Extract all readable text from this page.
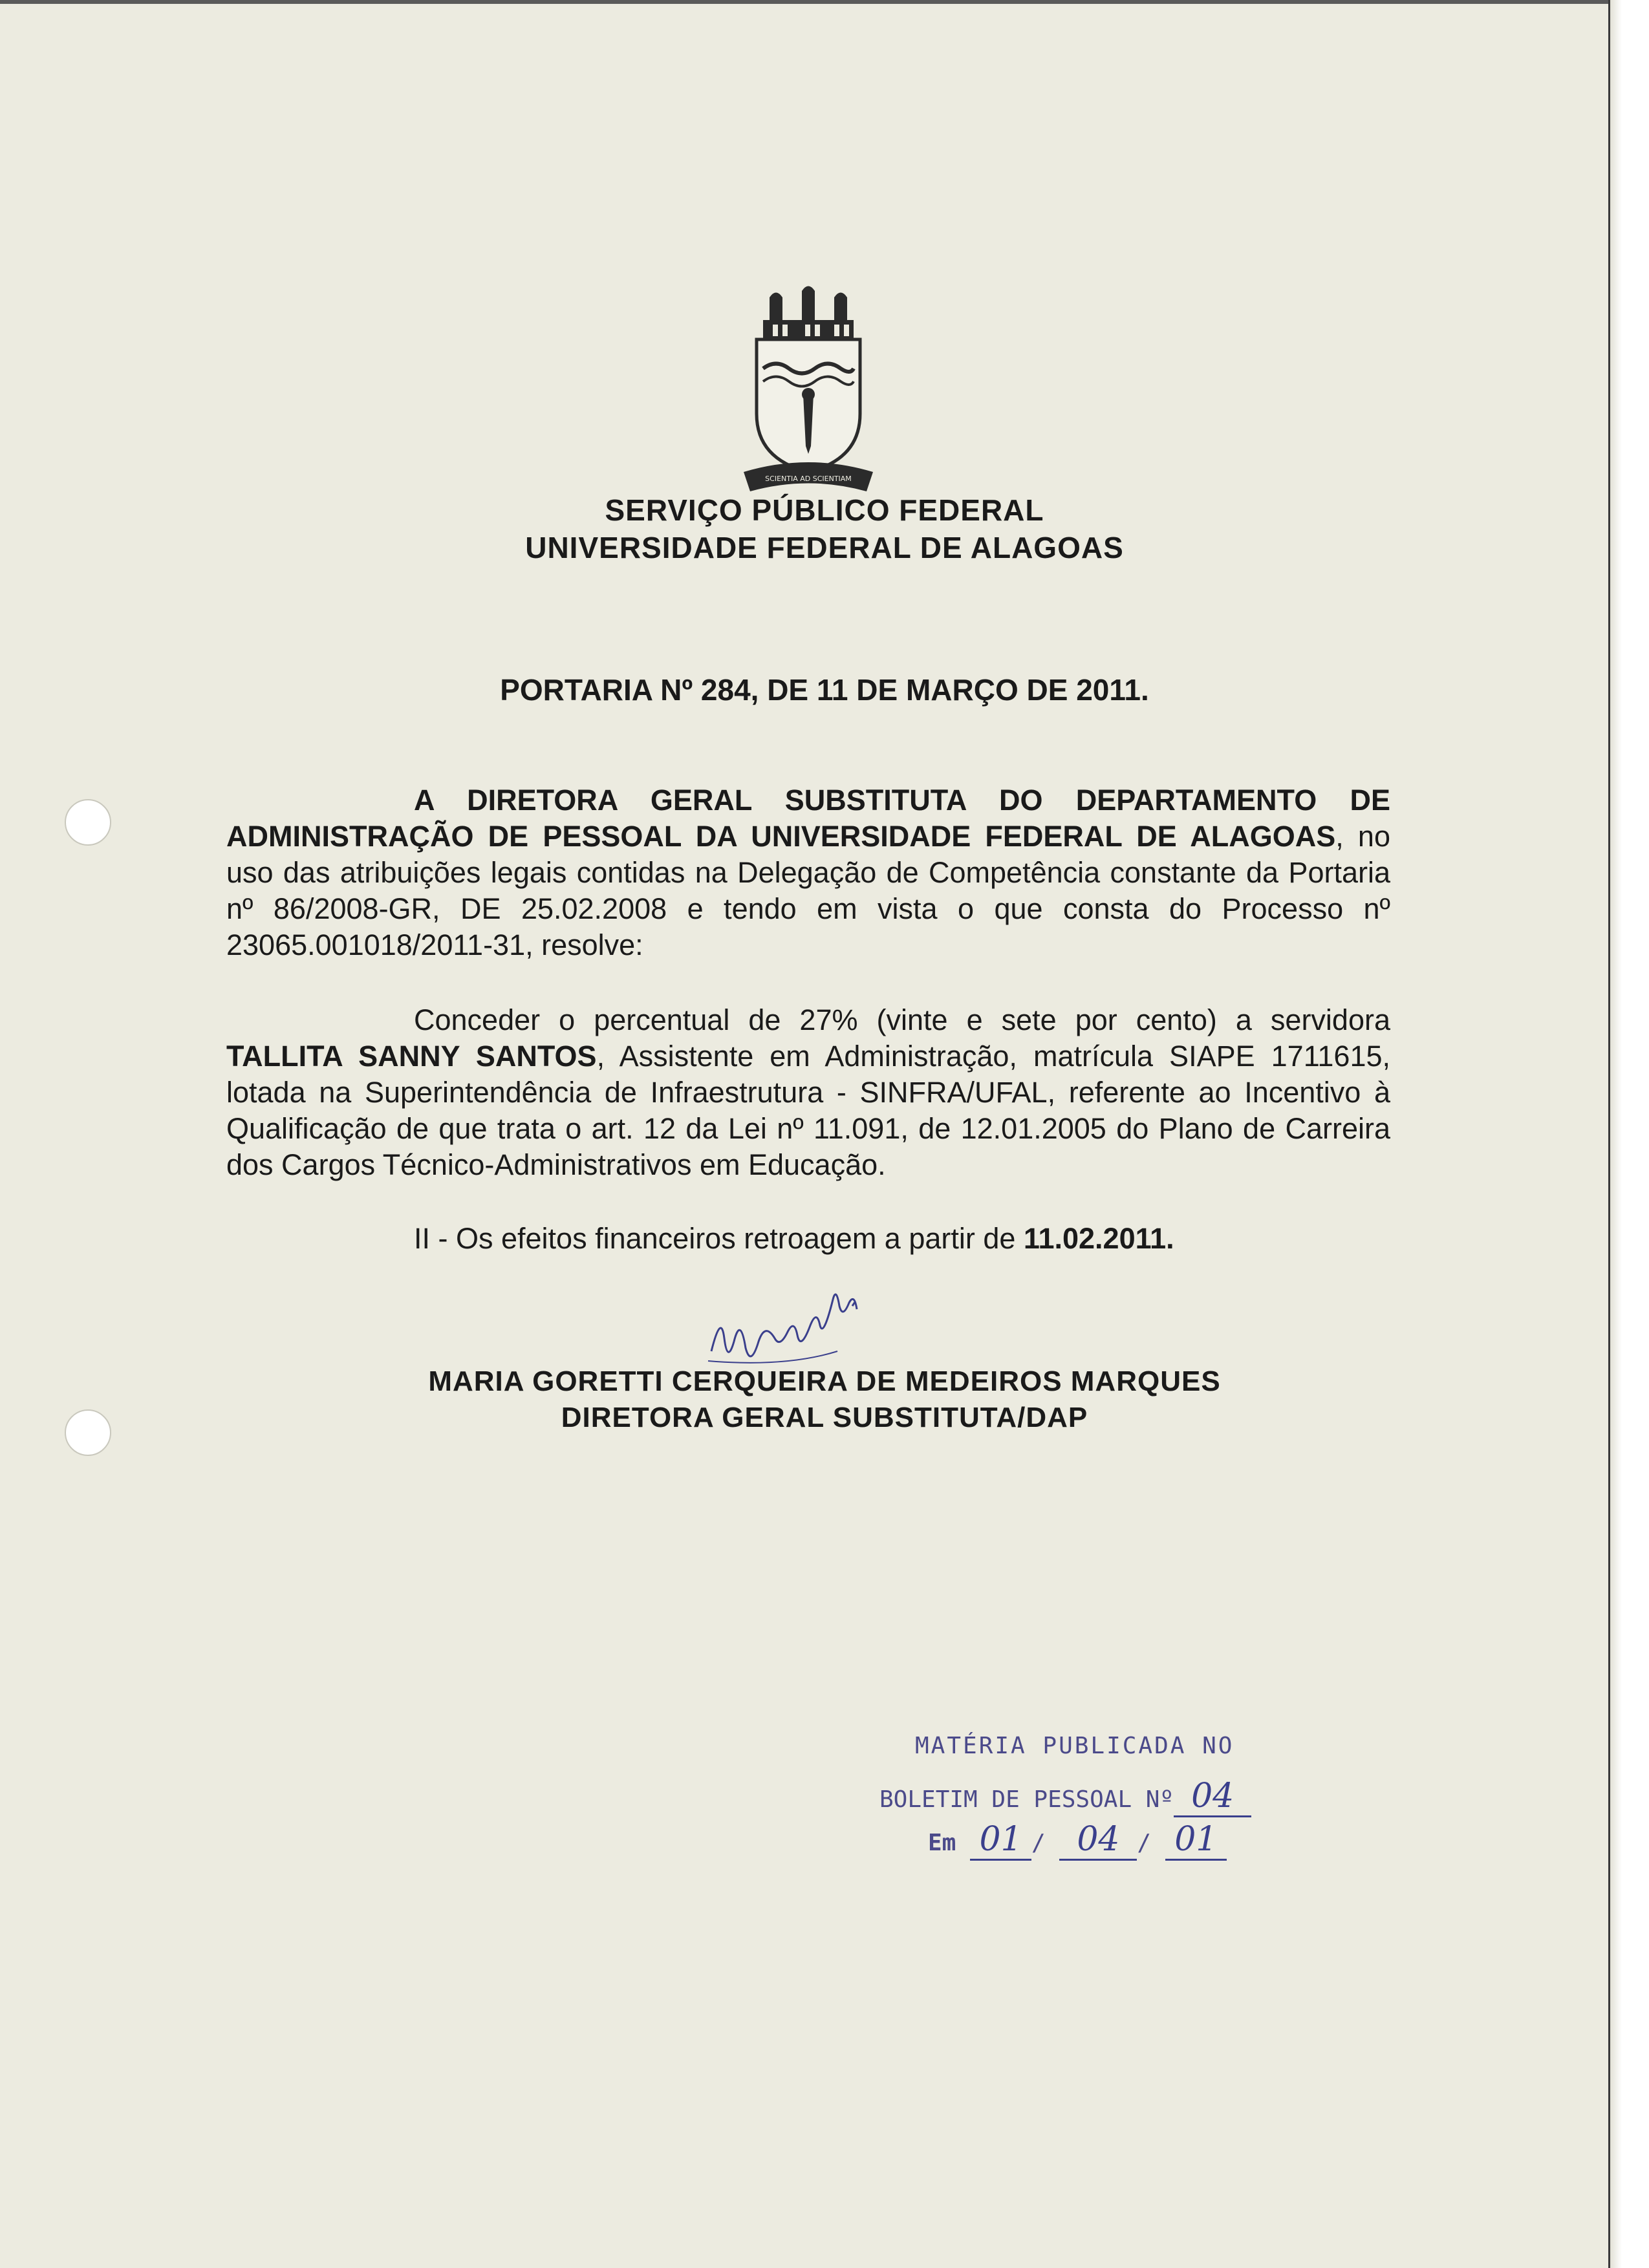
SCIENTIA AD SCIENTIAM
SERVIÇO PÚBLICO FEDERAL
UNIVERSIDADE FEDERAL DE ALAGOAS
PORTARIA Nº 284, DE 11 DE MARÇO DE 2011.
A DIRETORA GERAL SUBSTITUTA DO DEPARTAMENTO DE ADMINISTRAÇÃO DE PESSOAL DA UNIVERSIDADE FEDERAL DE ALAGOAS, no uso das atribuições legais contidas na Delegação de Competência constante da Portaria nº 86/2008-GR, DE 25.02.2008 e tendo em vista o que consta do Processo nº 23065.001018/2011-31, resolve:
Conceder o percentual de 27% (vinte e sete por cento) a servidora TALLITA SANNY SANTOS, Assistente em Administração, matrícula SIAPE 1711615, lotada na Superintendência de Infraestrutura - SINFRA/UFAL, referente ao Incentivo à Qualificação de que trata o art. 12 da Lei nº 11.091, de 12.01.2005 do Plano de Carreira dos Cargos Técnico-Administrativos em Educação.
II - Os efeitos financeiros retroagem a partir de 11.02.2011.
MARIA GORETTI CERQUEIRA DE MEDEIROS MARQUES
DIRETORA GERAL SUBSTITUTA/DAP
MATÉRIA PUBLICADA NO
BOLETIM DE PESSOAL Nº 04
Em 01 / 04 / 01
